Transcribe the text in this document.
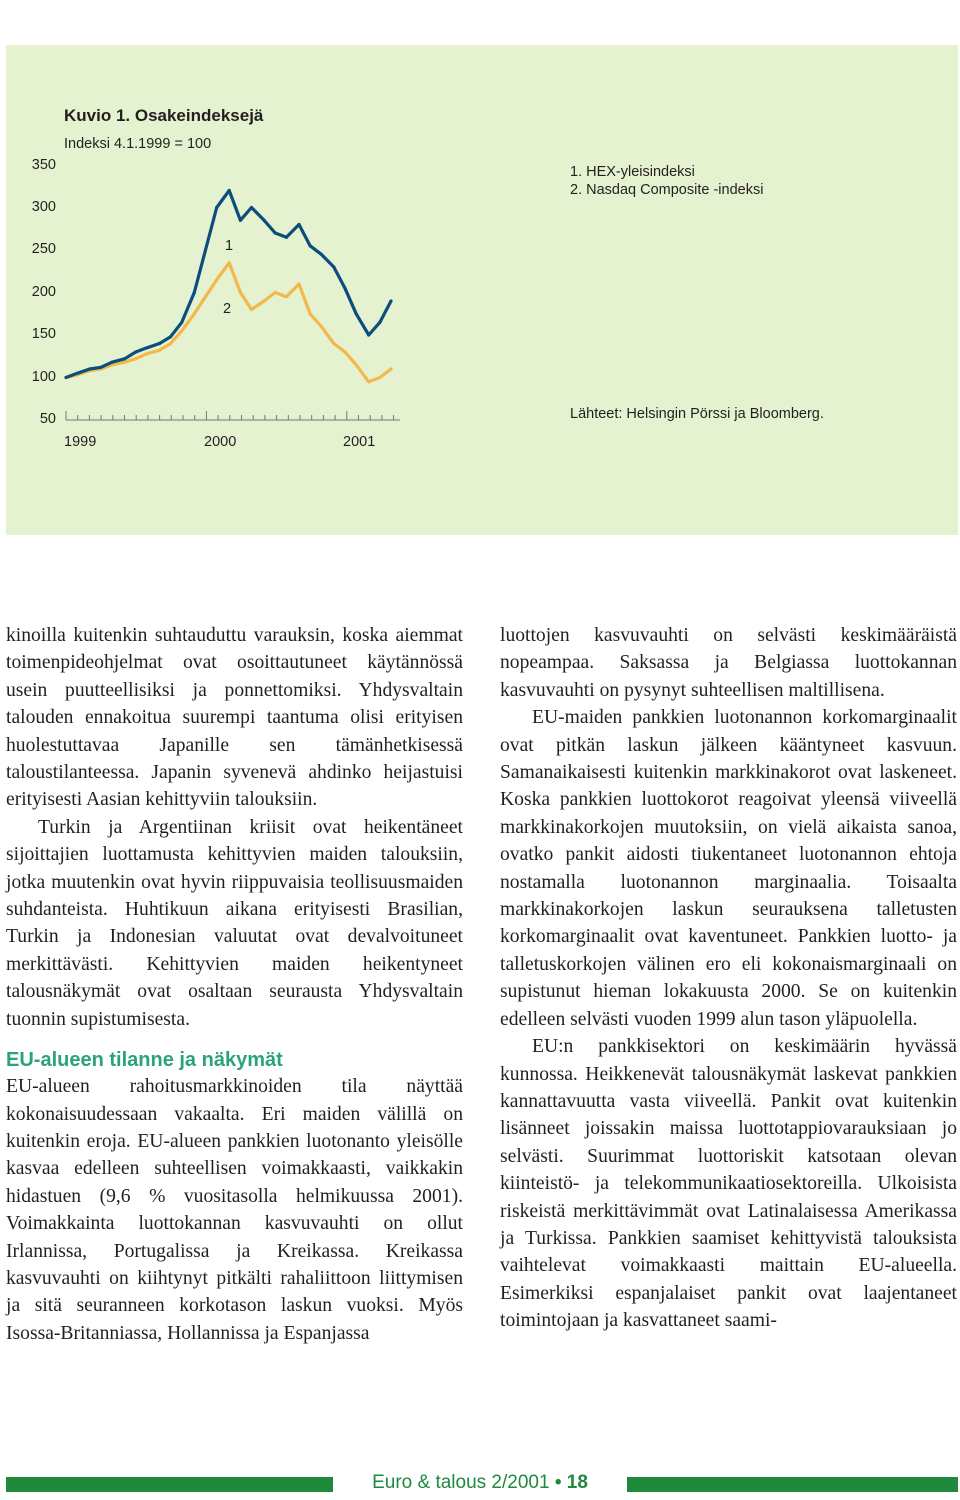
1
2
Kuvio 1. Osakeindeksejä
Indeksi 4.1.1999 = 100
350
300
250
200
150
100
50
1999	2000	2001
1. HEX-yleisindeksi
2. Nasdaq Composite -indeksi
Lähteet: Helsingin Pörssi ja Bloomberg.

kinoilla kuitenkin suhtauduttu varauksin, koska aiemmat toimenpideohjelmat ovat osoittautuneet käytännössä usein puutteellisiksi ja ponnettomiksi. Yhdysvaltain talouden ennakoitua suurempi taantuma olisi erityisen huolestuttavaa Japanille sen tämänhetkisessä taloustilanteessa. Japanin syvenevä ahdinko heijastuisi erityisesti Aasian kehittyviin talouksiin.

Turkin ja Argentiinan kriisit ovat heikentäneet sijoittajien luottamusta kehittyvien maiden talouksiin, jotka muutenkin ovat hyvin riippuvaisia teollisuusmaiden suhdanteista. Huhtikuun aikana erityisesti Brasilian, Turkin ja Indonesian valuutat ovat devalvoituneet merkittävästi. Kehittyvien maiden heikentyneet talousnäkymät ovat osaltaan seurausta Yhdysvaltain tuonnin supistumisesta.

EU-alueen tilanne ja näkymät

EU-alueen rahoitusmarkkinoiden tila näyttää kokonaisuudessaan vakaalta. Eri maiden välillä on kuitenkin eroja. EU-alueen pankkien luotonanto yleisölle kasvaa edelleen suhteellisen voimakkaasti, vaikkakin hidastuen (9,6 % vuositasolla helmikuussa 2001). Voimakkainta luottokannan kasvuvauhti on ollut Irlannissa, Portugalissa ja Kreikassa. Kreikassa kasvuvauhti on kiihtynyt pitkälti rahaliittoon liittymisen ja sitä seuranneen korkotason laskun vuoksi. Myös Isossa-Britanniassa, Hollannissa ja Espanjassa

luottojen kasvuvauhti on selvästi keskimääräistä nopeampaa. Saksassa ja Belgiassa luottokannan kasvuvauhti on pysynyt suhteellisen maltillisena.

EU-maiden pankkien luotonannon korkomarginaalit ovat pitkän laskun jälkeen kääntyneet kasvuun. Samanaikaisesti kuitenkin markkinakorot ovat laskeneet. Koska pankkien luottokorot reagoivat yleensä viiveellä markkinakorkojen muutoksiin, on vielä aikaista sanoa, ovatko pankit aidosti tiukentaneet luotonannon ehtoja nostamalla luotonannon marginaalia. Toisaalta markkinakorkojen laskun seurauksena talletusten korkomarginaalit ovat kaventuneet. Pankkien luotto- ja talletuskorkojen välinen ero eli kokonaismarginaali on supistunut hieman lokakuusta 2000. Se on kuitenkin edelleen selvästi vuoden 1999 alun tason yläpuolella.

EU:n pankkisektori on keskimäärin hyvässä kunnossa. Heikkenevät talousnäkymät laskevat pankkien kannattavuutta vasta viiveellä. Pankit ovat kuitenkin lisänneet joissakin maissa luottotappiovarauksiaan jo selvästi. Suurimmat luottoriskit katsotaan olevan kiinteistö- ja telekommunikaatiosektoreilla. Ulkoisista riskeistä merkittävimmät ovat Latinalaisessa Amerikassa ja Turkissa. Pankkien saamiset kehittyvistä talouksista vaihtelevat voimakkaasti maittain EU-alueella. Esimerkiksi espanjalaiset pankit ovat laajentaneet toimintojaan ja kasvattaneet saami-

Euro & talous 2/2001 • 18
